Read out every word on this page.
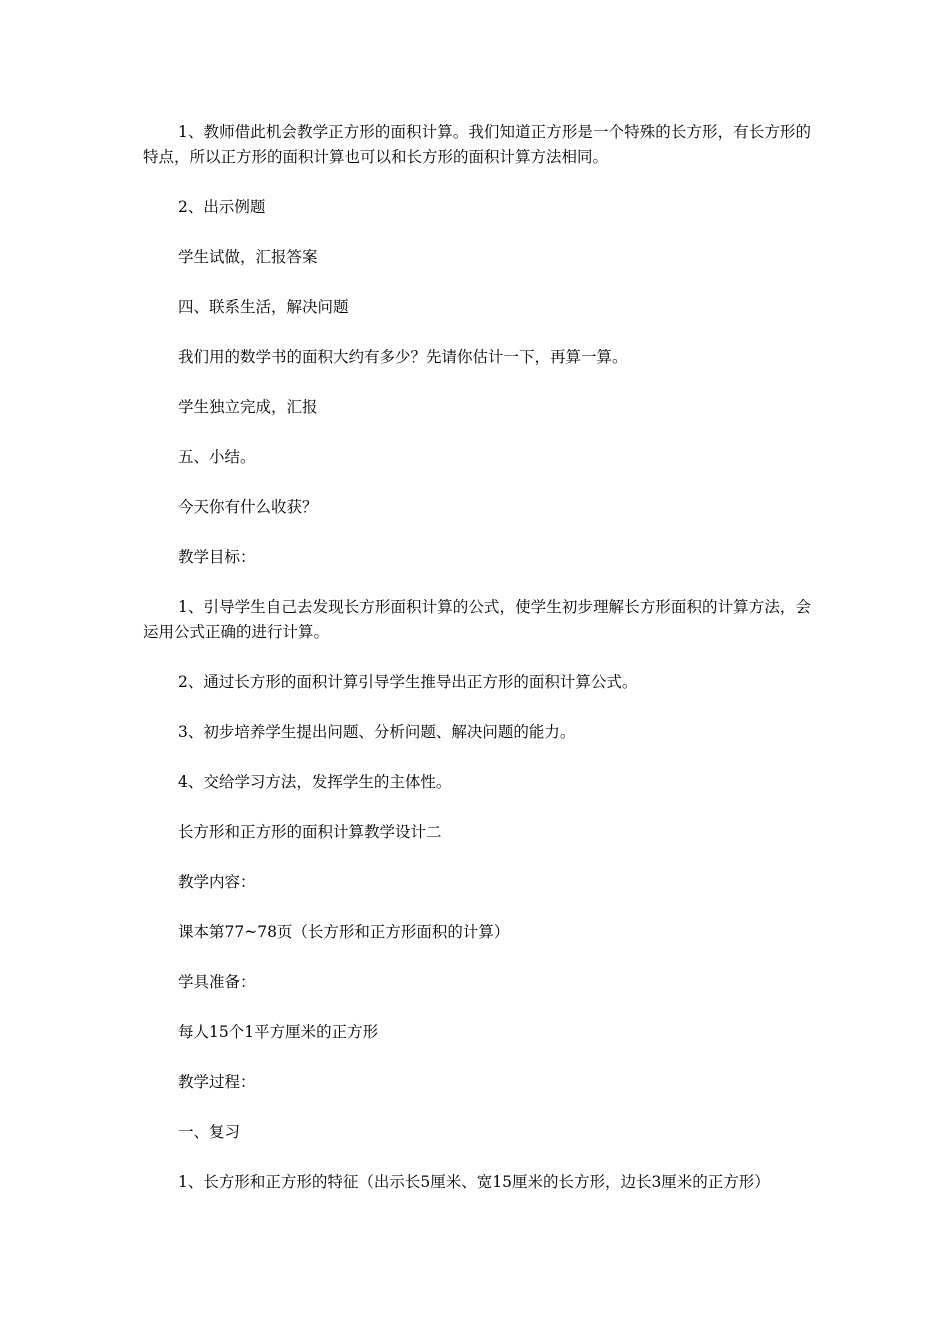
1、教师借此机会教学正方形的面积计算。我们知道正方形是一个特殊的长方形，有长方形的特点，所以正方形的面积计算也可以和长方形的面积计算方法相同。

2、出示例题

学生试做，汇报答案

四、联系生活，解决问题

我们用的数学书的面积大约有多少？先请你估计一下，再算一算。

学生独立完成，汇报

五、小结。

今天你有什么收获？

教学目标：

1、引导学生自己去发现长方形面积计算的公式，使学生初步理解长方形面积的计算方法，会运用公式正确的进行计算。

2、通过长方形的面积计算引导学生推导出正方形的面积计算公式。

3、初步培养学生提出问题、分析问题、解决问题的能力。

4、交给学习方法，发挥学生的主体性。

长方形和正方形的面积计算教学设计二

教学内容：

课本第77~78页（长方形和正方形面积的计算）

学具准备：

每人15个1平方厘米的正方形

教学过程：

一、复习

1、长方形和正方形的特征（出示长5厘米、宽15厘米的长方形，边长3厘米的正方形）
